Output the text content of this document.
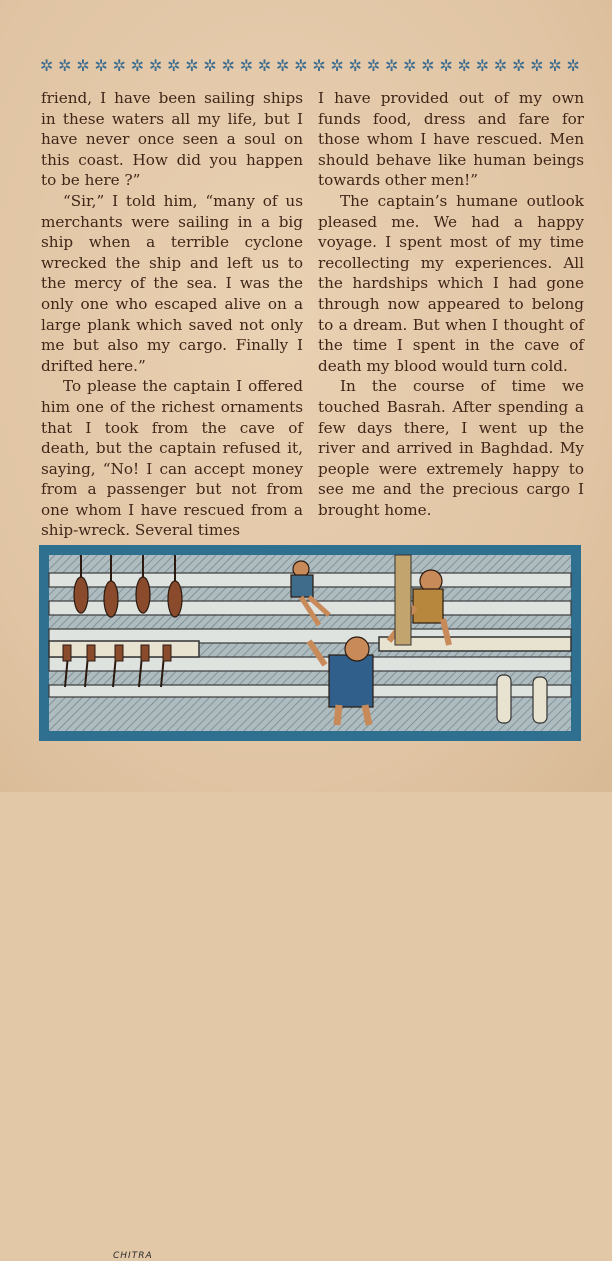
✲ ✲ ✲ ✲ ✲ ✲ ✲ ✲ ✲ ✲ ✲ ✲ ✲ ✲ ✲ ✲ ✲ ✲ ✲ ✲ ✲ ✲ ✲ ✲ ✲ ✲ ✲ ✲ ✲ ✲

friend, I have been sailing ships in these waters all my life, but I have never once seen a soul on this coast. How did you happen to be here ?”

“Sir,” I told him, “many of us merchants were sailing in a big ship when a terrible cyclone wrecked the ship and left us to the mercy of the sea. I was the only one who escaped alive on a large plank which saved not only me but also my cargo. Finally I drifted here.”

To please the captain I offered him one of the richest ornaments that I took from the cave of death, but the captain refused it, saying, “No! I can accept money from a passenger but not from one whom I have rescued from a ship-wreck. Several times

I have provided out of my own funds food, dress and fare for those whom I have rescued. Men should behave like human beings towards other men!”

The captain’s humane outlook pleased me. We had a happy voyage. I spent most of my time recollecting my experiences. All the hardships which I had gone through now appeared to belong to a dream. But when I thought of the time I spent in the cave of death my blood would turn cold.

In the course of time we touched Basrah. After spending a few days there, I went up the river and arrived in Baghdad. My people were extremely happy to see me and the precious cargo I brought home.

CHITRA
